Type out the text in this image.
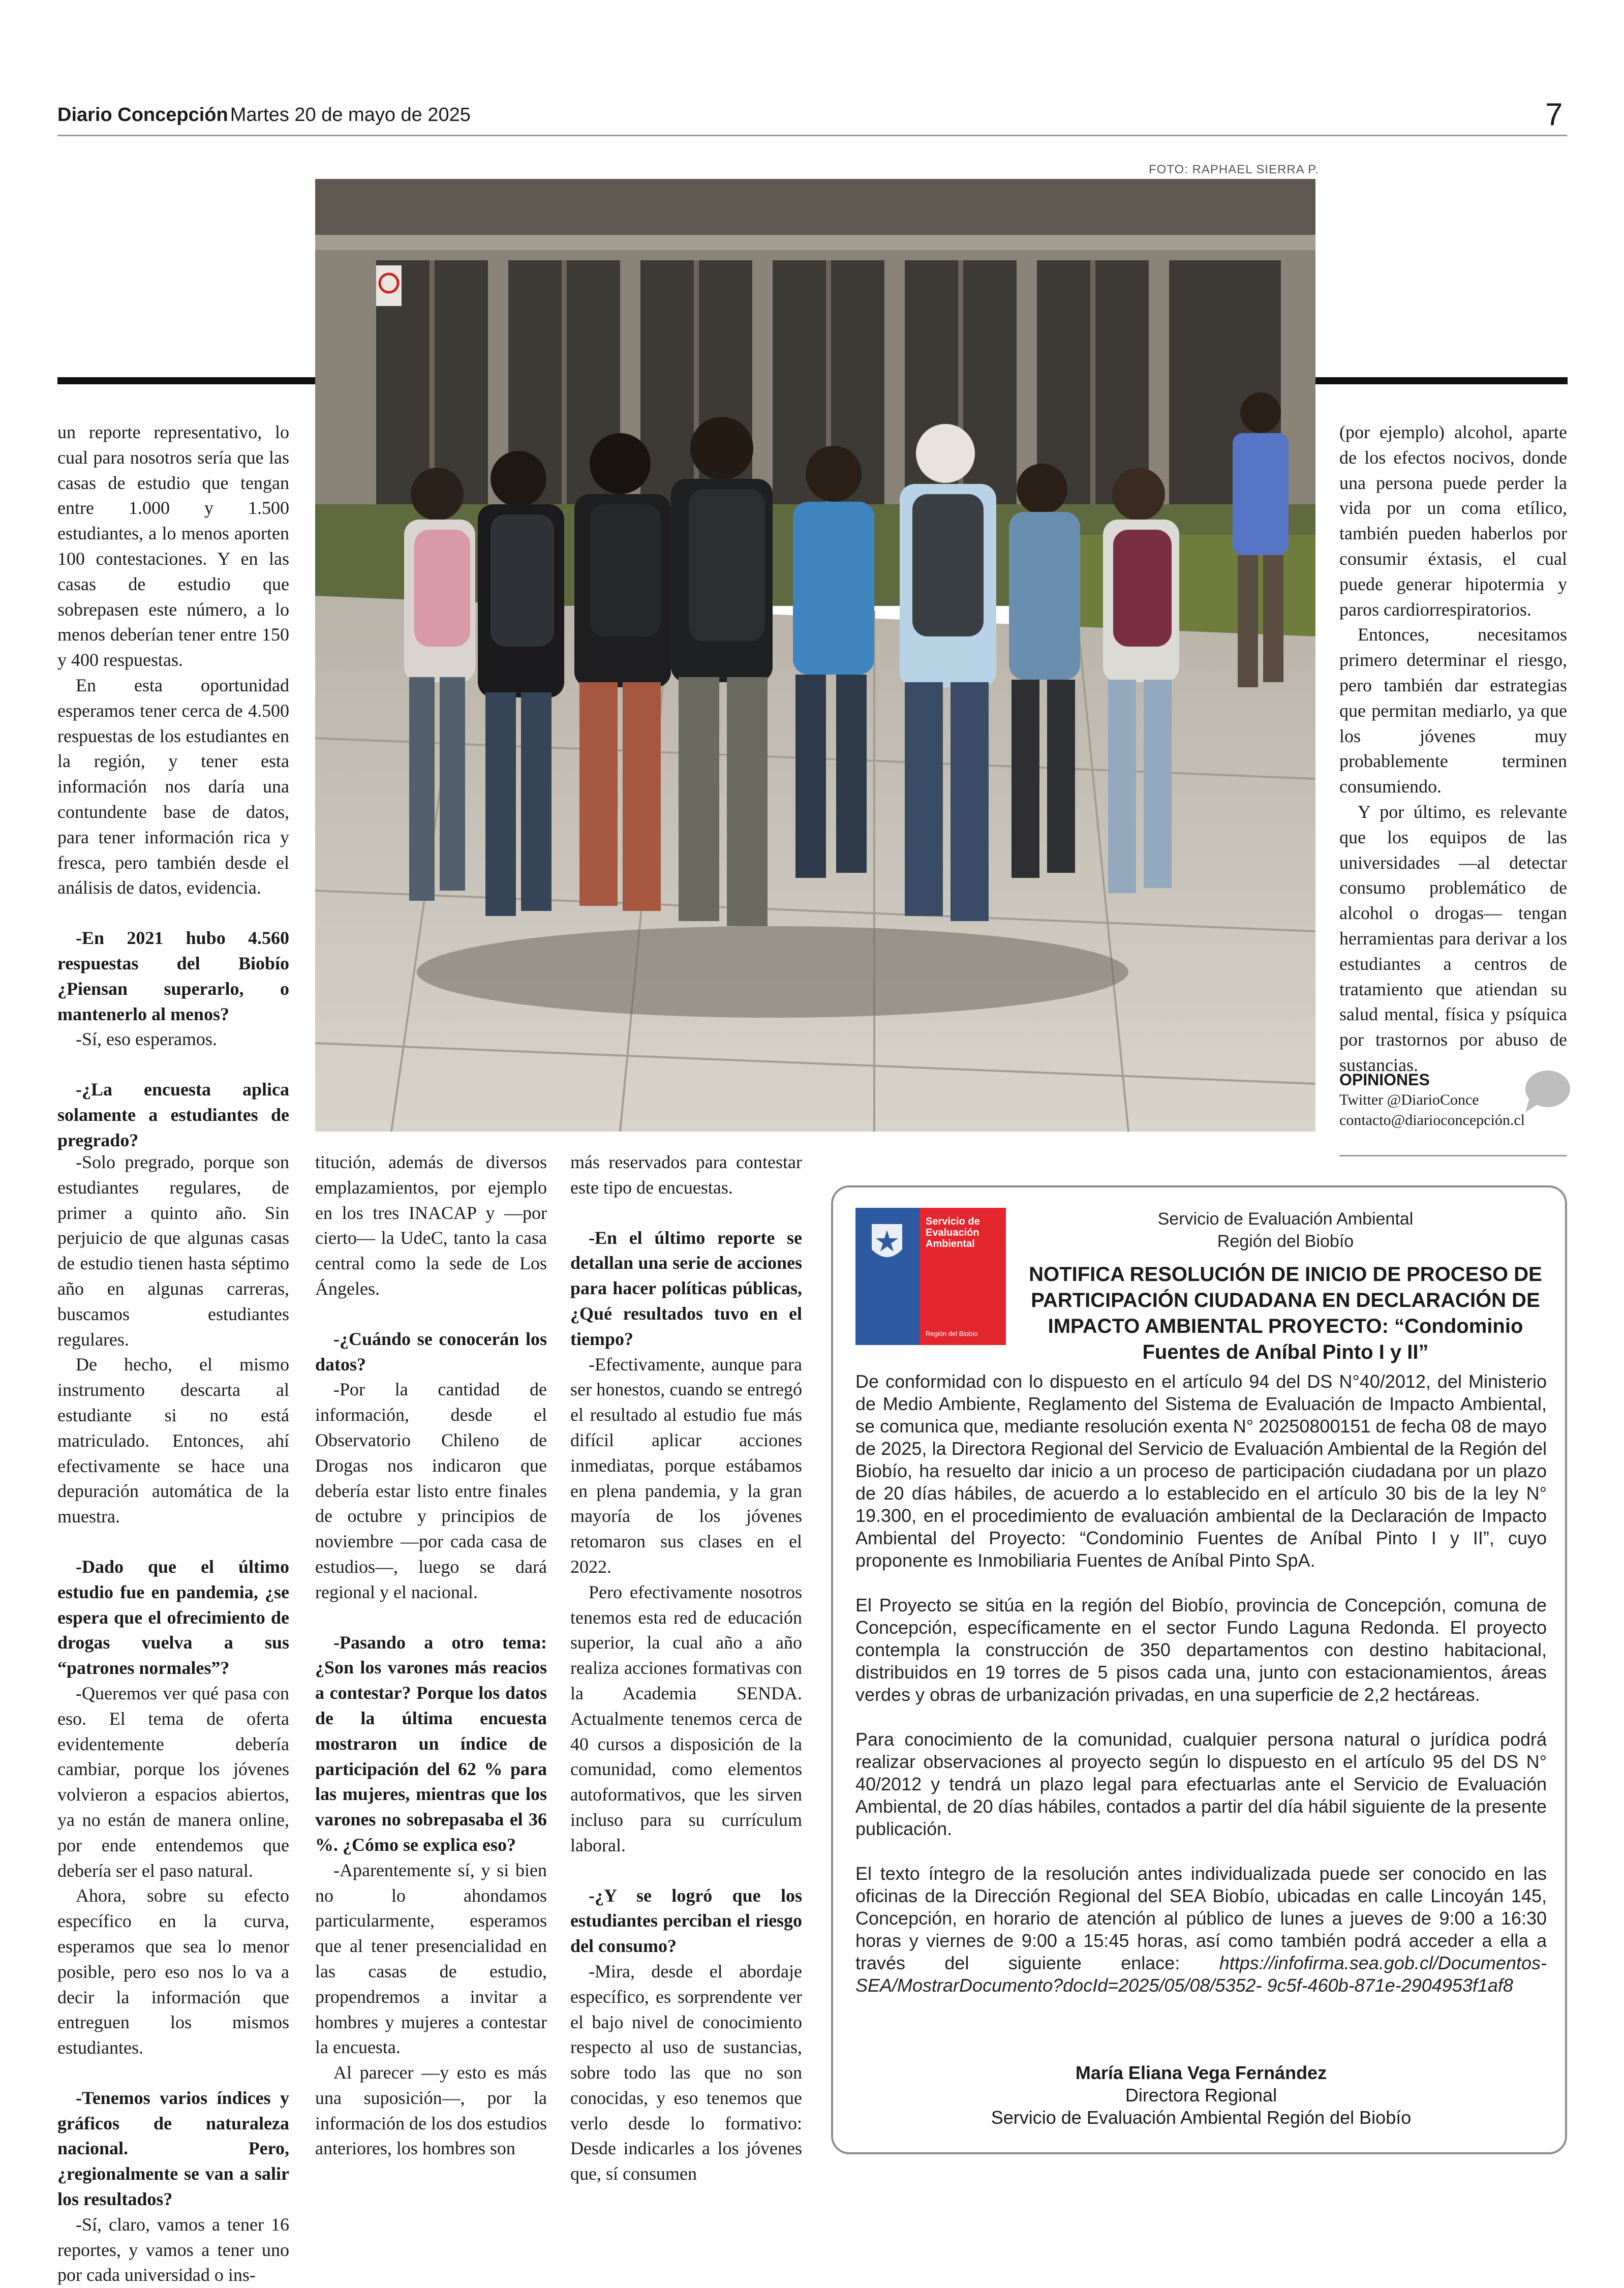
Diario Concepción Martes 20 de mayo de 2025	7
FOTO: RAPHAEL SIERRA P.

un reporte representativo, lo cual para nosotros sería que las casas de estudio que tengan entre 1.000 y 1.500 estudiantes, a lo menos aporten 100 contestaciones. Y en las casas de estudio que sobrepasen este número, a lo menos deberían tener entre 150 y 400 respuestas.

En esta oportunidad esperamos tener cerca de 4.500 respuestas de los estudiantes en la región, y tener esta información nos daría una contundente base de datos, para tener información rica y fresca, pero también desde el análisis de datos, evidencia.

-En 2021 hubo 4.560 respuestas del Biobío ¿Piensan superarlo, o mantenerlo al menos?

-Sí, eso esperamos.

-¿La encuesta aplica solamente a estudiantes de pregrado?

-Solo pregrado, porque son estudiantes regulares, de primer a quinto año. Sin perjuicio de que algunas casas de estudio tienen hasta séptimo año en algunas carreras, buscamos estudiantes regulares.

De hecho, el mismo instrumento descarta al estudiante si no está matriculado. Entonces, ahí efectivamente se hace una depuración automática de la muestra.

-Dado que el último estudio fue en pandemia, ¿se espera que el ofrecimiento de drogas vuelva a sus “patrones normales”?

-Queremos ver qué pasa con eso. El tema de oferta evidentemente debería cambiar, porque los jóvenes volvieron a espacios abiertos, ya no están de manera online, por ende entendemos que debería ser el paso natural.

Ahora, sobre su efecto específico en la curva, esperamos que sea lo menor posible, pero eso nos lo va a decir la información que entreguen los mismos estudiantes.

-Tenemos varios índices y gráficos de naturaleza nacional. Pero, ¿regionalmente se van a salir los resultados?

-Sí, claro, vamos a tener 16 reportes, y vamos a tener uno por cada universidad o ins-

titución, además de diversos emplazamientos, por ejemplo en los tres INACAP y —por cierto— la UdeC, tanto la casa central como la sede de Los Ángeles.

-¿Cuándo se conocerán los datos?

-Por la cantidad de información, desde el Observatorio Chileno de Drogas nos indicaron que debería estar listo entre finales de octubre y principios de noviembre —por cada casa de estudios—, luego se dará regional y el nacional.

-Pasando a otro tema: ¿Son los varones más reacios a contestar? Porque los datos de la última encuesta mostraron un índice de participación del 62 % para las mujeres, mientras que los varones no sobrepasaba el 36 %. ¿Cómo se explica eso?

-Aparentemente sí, y si bien no lo ahondamos particularmente, esperamos que al tener presencialidad en las casas de estudio, propendremos a invitar a hombres y mujeres a contestar la encuesta.

Al parecer —y esto es más una suposición—, por la información de los dos estudios anteriores, los hombres son

más reservados para contestar este tipo de encuestas.

-En el último reporte se detallan una serie de acciones para hacer políticas públicas, ¿Qué resultados tuvo en el tiempo?

-Efectivamente, aunque para ser honestos, cuando se entregó el resultado al estudio fue más difícil aplicar acciones inmediatas, porque estábamos en plena pandemia, y la gran mayoría de los jóvenes retomaron sus clases en el 2022.

Pero efectivamente nosotros tenemos esta red de educación superior, la cual año a año realiza acciones formativas con la Academia SENDA. Actualmente tenemos cerca de 40 cursos a disposición de la comunidad, como elementos autoformativos, que les sirven incluso para su currículum laboral.

-¿Y se logró que los estudiantes perciban el riesgo del consumo?

-Mira, desde el abordaje específico, es sorprendente ver el bajo nivel de conocimiento respecto al uso de sustancias, sobre todo las que no son conocidas, y eso tenemos que verlo desde lo formativo: Desde indicarles a los jóvenes que, sí consumen

(por ejemplo) alcohol, aparte de los efectos nocivos, donde una persona puede perder la vida por un coma etílico, también pueden haberlos por consumir éxtasis, el cual puede generar hipotermia y paros cardiorrespiratorios.

Entonces, necesitamos primero determinar el riesgo, pero también dar estrategias que permitan mediarlo, ya que los jóvenes muy probablemente terminen consumiendo.

Y por último, es relevante que los equipos de las universidades —al detectar consumo problemático de alcohol o drogas— tengan herramientas para derivar a los estudiantes a centros de tratamiento que atiendan su salud mental, física y psíquica por trastornos por abuso de sustancias.

OPINIONES
Twitter @DiarioConce
contacto@diarioconcepción.cl
Servicio de
Evaluación
Ambiental
Región del Biobío
Servicio de Evaluación Ambiental
Región del Biobío
NOTIFICA RESOLUCIÓN DE INICIO DE PROCESO DE PARTICIPACIÓN CIUDADANA EN DECLARACIÓN DE IMPACTO AMBIENTAL PROYECTO: “Condominio Fuentes de Aníbal Pinto I y II”

De conformidad con lo dispuesto en el artículo 94 del DS N°40/2012, del Ministerio de Medio Ambiente, Reglamento del Sistema de Evaluación de Impacto Ambiental, se comunica que, mediante resolución exenta N° 20250800151 de fecha 08 de mayo de 2025, la Directora Regional del Servicio de Evaluación Ambiental de la Región del Biobío, ha resuelto dar inicio a un proceso de participación ciudadana por un plazo de 20 días hábiles, de acuerdo a lo establecido en el artículo 30 bis de la ley N° 19.300, en el procedimiento de evaluación ambiental de la Declaración de Impacto Ambiental del Proyecto: “Condominio Fuentes de Aníbal Pinto I y II”, cuyo proponente es Inmobiliaria Fuentes de Aníbal Pinto SpA.

El Proyecto se sitúa en la región del Biobío, provincia de Concepción, comuna de Concepción, específicamente en el sector Fundo Laguna Redonda. El proyecto contempla la construcción de 350 departamentos con destino habitacional, distribuidos en 19 torres de 5 pisos cada una, junto con estacionamientos, áreas verdes y obras de urbanización privadas, en una superficie de 2,2 hectáreas.

Para conocimiento de la comunidad, cualquier persona natural o jurídica podrá realizar observaciones al proyecto según lo dispuesto en el artículo 95 del DS N° 40/2012 y tendrá un plazo legal para efectuarlas ante el Servicio de Evaluación Ambiental, de 20 días hábiles, contados a partir del día hábil siguiente de la presente publicación.

El texto íntegro de la resolución antes individualizada puede ser conocido en las oficinas de la Dirección Regional del SEA Biobío, ubicadas en calle Lincoyán 145, Concepción, en horario de atención al público de lunes a jueves de 9:00 a 16:30 horas y viernes de 9:00 a 15:45 horas, así como también podrá acceder a ella a través del siguiente enlace: https://infofirma.sea.gob.cl/Documentos-SEA/MostrarDocumento?docId=2025/05/08/5352- 9c5f-460b-871e-2904953f1af8

María Eliana Vega Fernández
Directora Regional
Servicio de Evaluación Ambiental Región del Biobío
